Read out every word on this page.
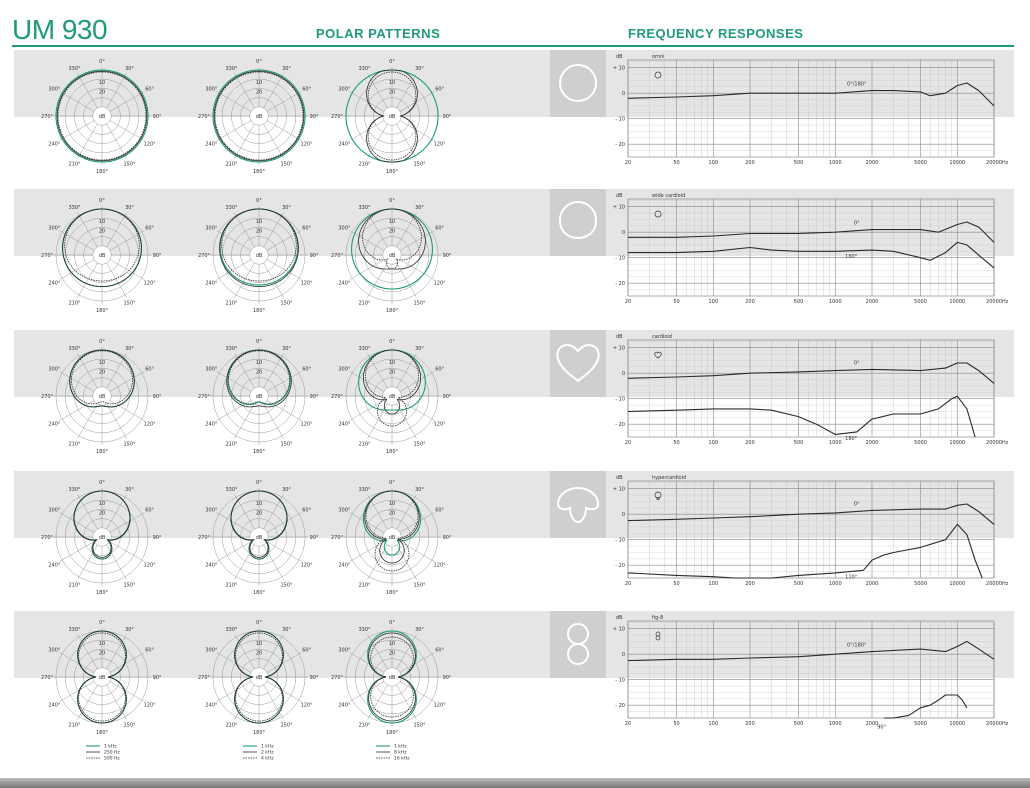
UM 930	POLAR PATTERNS	FREQUENCY RESPONSES
0°
30°
60°
90°
120°
150°
180°
210°
240°
270°
300°
330°
10
20
dB
0°
30°
60°
90°
120°
150°
180°
210°
240°
270°
300°
330°
10
20
dB
0°
30°
60°
90°
120°
150°
180°
210°
240°
270°
300°
330°
10
20
dB
0°
30°
60°
90°
120°
150°
180°
210°
240°
270°
300°
330°
10
20
dB
0°
30°
60°
90°
120°
150°
180°
210°
240°
270°
300°
330°
10
20
dB
0°
30°
60°
90°
120°
150°
180°
210°
240°
270°
300°
330°
10
20
dB
0°
30°
60°
90°
120°
150°
180°
210°
240°
270°
300°
330°
10
20
dB
0°
30°
60°
90°
120°
150°
180°
210°
240°
270°
300°
330°
10
20
dB
0°
30°
60°
90°
120°
150°
180°
210°
240°
270°
300°
330°
10
20
dB
0°
30°
60°
90°
120°
150°
180°
210°
240°
270°
300°
330°
10
20
dB
0°
30°
60°
90°
120°
150°
180°
210°
240°
270°
300°
330°
10
20
dB
0°
30°
60°
90°
120°
150°
180°
210°
240°
270°
300°
330°
10
20
dB
0°
30°
60°
90°
120°
150°
180°
210°
240°
270°
300°
330°
10
20
dB
0°
30°
60°
90°
120°
150°
180°
210°
240°
270°
300°
330°
10
20
dB
0°
30°
60°
90°
120°
150°
180°
210°
240°
270°
300°
330°
10
20
dB
1 kHz
250 Hz
500 Hz
1 kHz
2 kHz
4 kHz
1 kHz
8 kHz
16 kHz
+ 10
0
- 10
- 20
20	50	100	200	500	1000	2000	5000	10000	20000 Hz
dB	omni
0°/180°
+ 10
0
- 10
- 20
20	50	100	200	500	1000	2000	5000	10000	20000 Hz
dB	wide cardioid
0°
180°
+ 10
0
- 10
- 20
20	50	100	200	500	1000	2000	5000	10000	20000 Hz
dB	cardioid
0°
180°
+ 10
0
- 10
- 20
20	50	100	200	500	1000	2000	5000	10000	20000 Hz
dB	hypercardioid
0°
110°
+ 10
0
- 10
- 20
20	50	100	200	500	1000	2000	5000	10000	20000 Hz
dB	fig-8
0°/180°
90°
